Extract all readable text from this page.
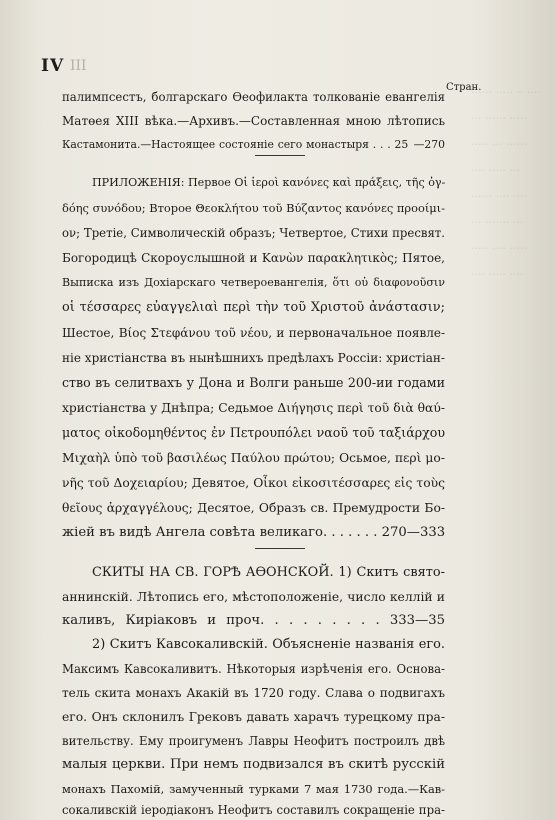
······ ····· ·· ····
··· ······ ·····
····· ··· ······
···· ····· ···
······ ···· ····
··· ······· ···
····· ···· ·····
···· ····· ····
IV III
Стран.
палимпсестъ, болгарскаго Өеофилакта толкованіе евангелія
Матөея XIII вѣка.—Архивъ.—Составленная мною лѣтопись
Кастамонита.—Настоящее состояніе сего монастыря . . . 25 —270
ПРИЛОЖЕНІЯ: Первое Οἱ ἱεροὶ κανόνες καὶ πράξεις, τῆς ὀγ-
δόης συνόδου; Второе Θεοκλήτου τοῦ Βύζαντος κανόνες προοίμι-
ον; Третіе, Символическій образъ; Четвертое, Стихи пресвят.
Богородицѣ Скороуслышной и Κανὼν παρακλητικὸς; Пятое,
Выписка изъ Дохіарскаго четвероевангелія, ὅτι οὐ διαφονοῦσιν
οἱ τέσσαρες εὐαγγελιαὶ περὶ τὴν τοῦ Χριστοῦ ἀνάστασιν;
Шестое, Βίος Στεφάνου τοῦ νέου, и первоначальное появле-
ніе христіанства въ нынѣшнихъ предѣлахъ Россіи: христіан-
ство въ селитвахъ у Дона и Волги раньше 200-ии годами
христіанства у Днѣпра; Седьмое Διήγησις περὶ τοῦ διὰ θαύ-
ματος οἰκοδομηθέντος ἐν Πετρουπόλει ναοῦ τοῦ ταξιάρχου
Μιχαὴλ ὑπὸ τοῦ βασιλέως Παύλου πρώτου; Осьмое, περὶ μο-
νῆς τοῦ Δοχειαρίου; Девятое, Οἶκοι εἰκοσιτέσσαρες εἰς τοὺς
θεῖους ἀρχαγγέλους; Десятое, Образъ св. Премудрости Бо-
жіей въ видѣ Ангела совѣта великаго. . . . . . . 270—333
СКИТЫ НА СВ. ГОРѢ АѲОНСКОЙ. 1) Скитъ свято-
аннинскій. Лѣтопись его, мѣстоположеніе, число келлій и
каливъ, Киріаковъ и проч. . . . . . . . . 333—35
2) Скитъ Кавсокаливскій. Объясненіе названія его.
Максимъ Кавсокаливитъ. Нѣкоторыя изрѣченія его. Основа-
тель скита монахъ Акакій въ 1720 году. Слава о подвигахъ
его. Онъ склонилъ Грековъ давать харачъ турецкому пра-
вительству. Ему проигуменъ Лавры Неофитъ построилъ двѣ
малыя церкви. При немъ подвизался въ скитѣ русскій
монахъ Пахомій, замученный турками 7 мая 1730 года.—Кав-
сокаливскій іеродіаконъ Неофитъ составилъ сокращеніе пра-
